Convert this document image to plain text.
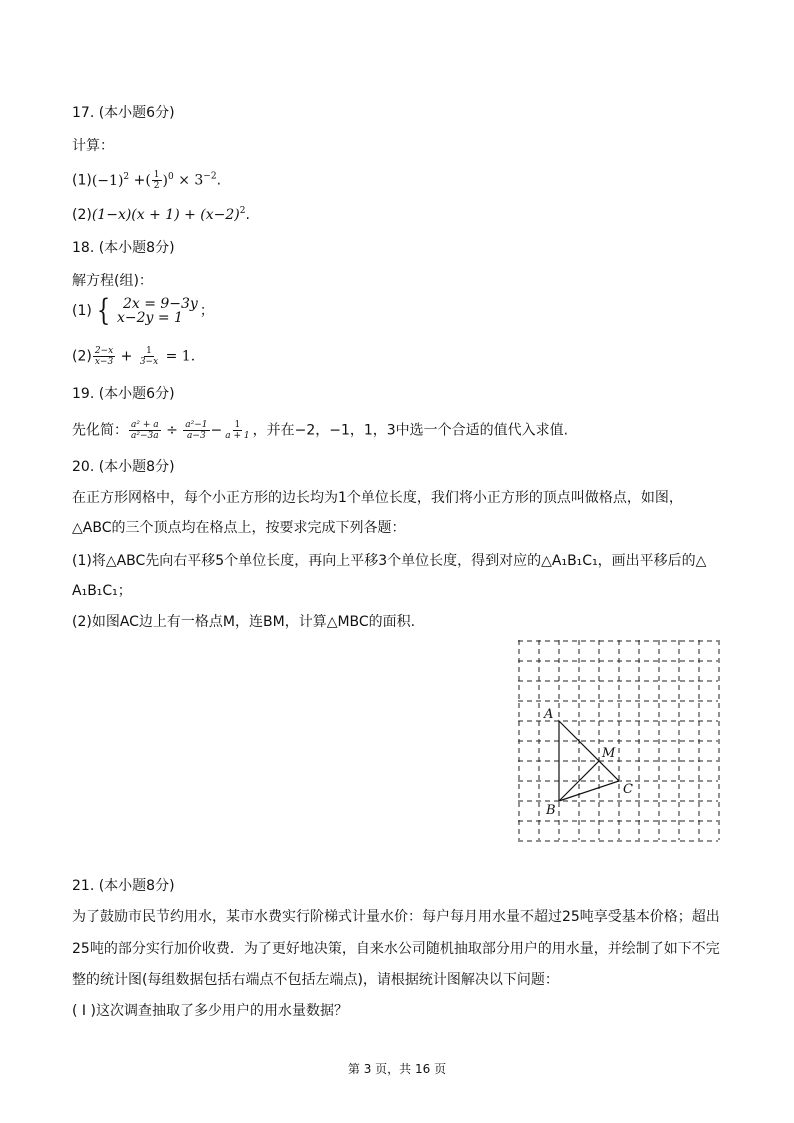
17. (本小题6分)
计算：
$(1)(-1)^2$ +( $\frac{1}{2} )^0 \times 3^{-2}$.
$(2)(1-x)(x + 1) + (x-2)^2$.
18. (本小题8分)
解方程(组)：
(1) { 2x = 9−3y
x−2y = 1	；
$(2) \frac{2-x}{x-3} + \frac{1}{3-x} = 1$.
19. (本小题6分)
先化简： $\frac{\text{a² + a}}{\text{a²−3a}} \div \frac{\text{a²−1}}{a-3} - \frac{1}{a + 1}$ ，并在−2，−1，1，3中选一个合适的值代入求值.
20. (本小题8分)
在正方形网格中，每个小正方形的边长均为1个单位长度，我们将小正方形的顶点叫做格点，如图，
△ABC的三个顶点均在格点上，按要求完成下列各题：
(1)将△ABC先向右平移5个单位长度，再向上平移3个单位长度，得到对应的△A₁B₁C₁，画出平移后的△
A₁B₁C₁；
(2)如图AC边上有一格点M，连BM，计算△MBC的面积.
A
B
C
M
21. (本小题8分)
为了鼓励市民节约用水，某市水费实行阶梯式计量水价：每户每月用水量不超过25吨享受基本价格；超出
25吨的部分实行加价收费．为了更好地决策，自来水公司随机抽取部分用户的用水量，并绘制了如下不完
整的统计图(每组数据包括右端点不包括左端点)，请根据统计图解决以下问题：
( I )这次调查抽取了多少用户的用水量数据？
第 3 页，共 16 页
